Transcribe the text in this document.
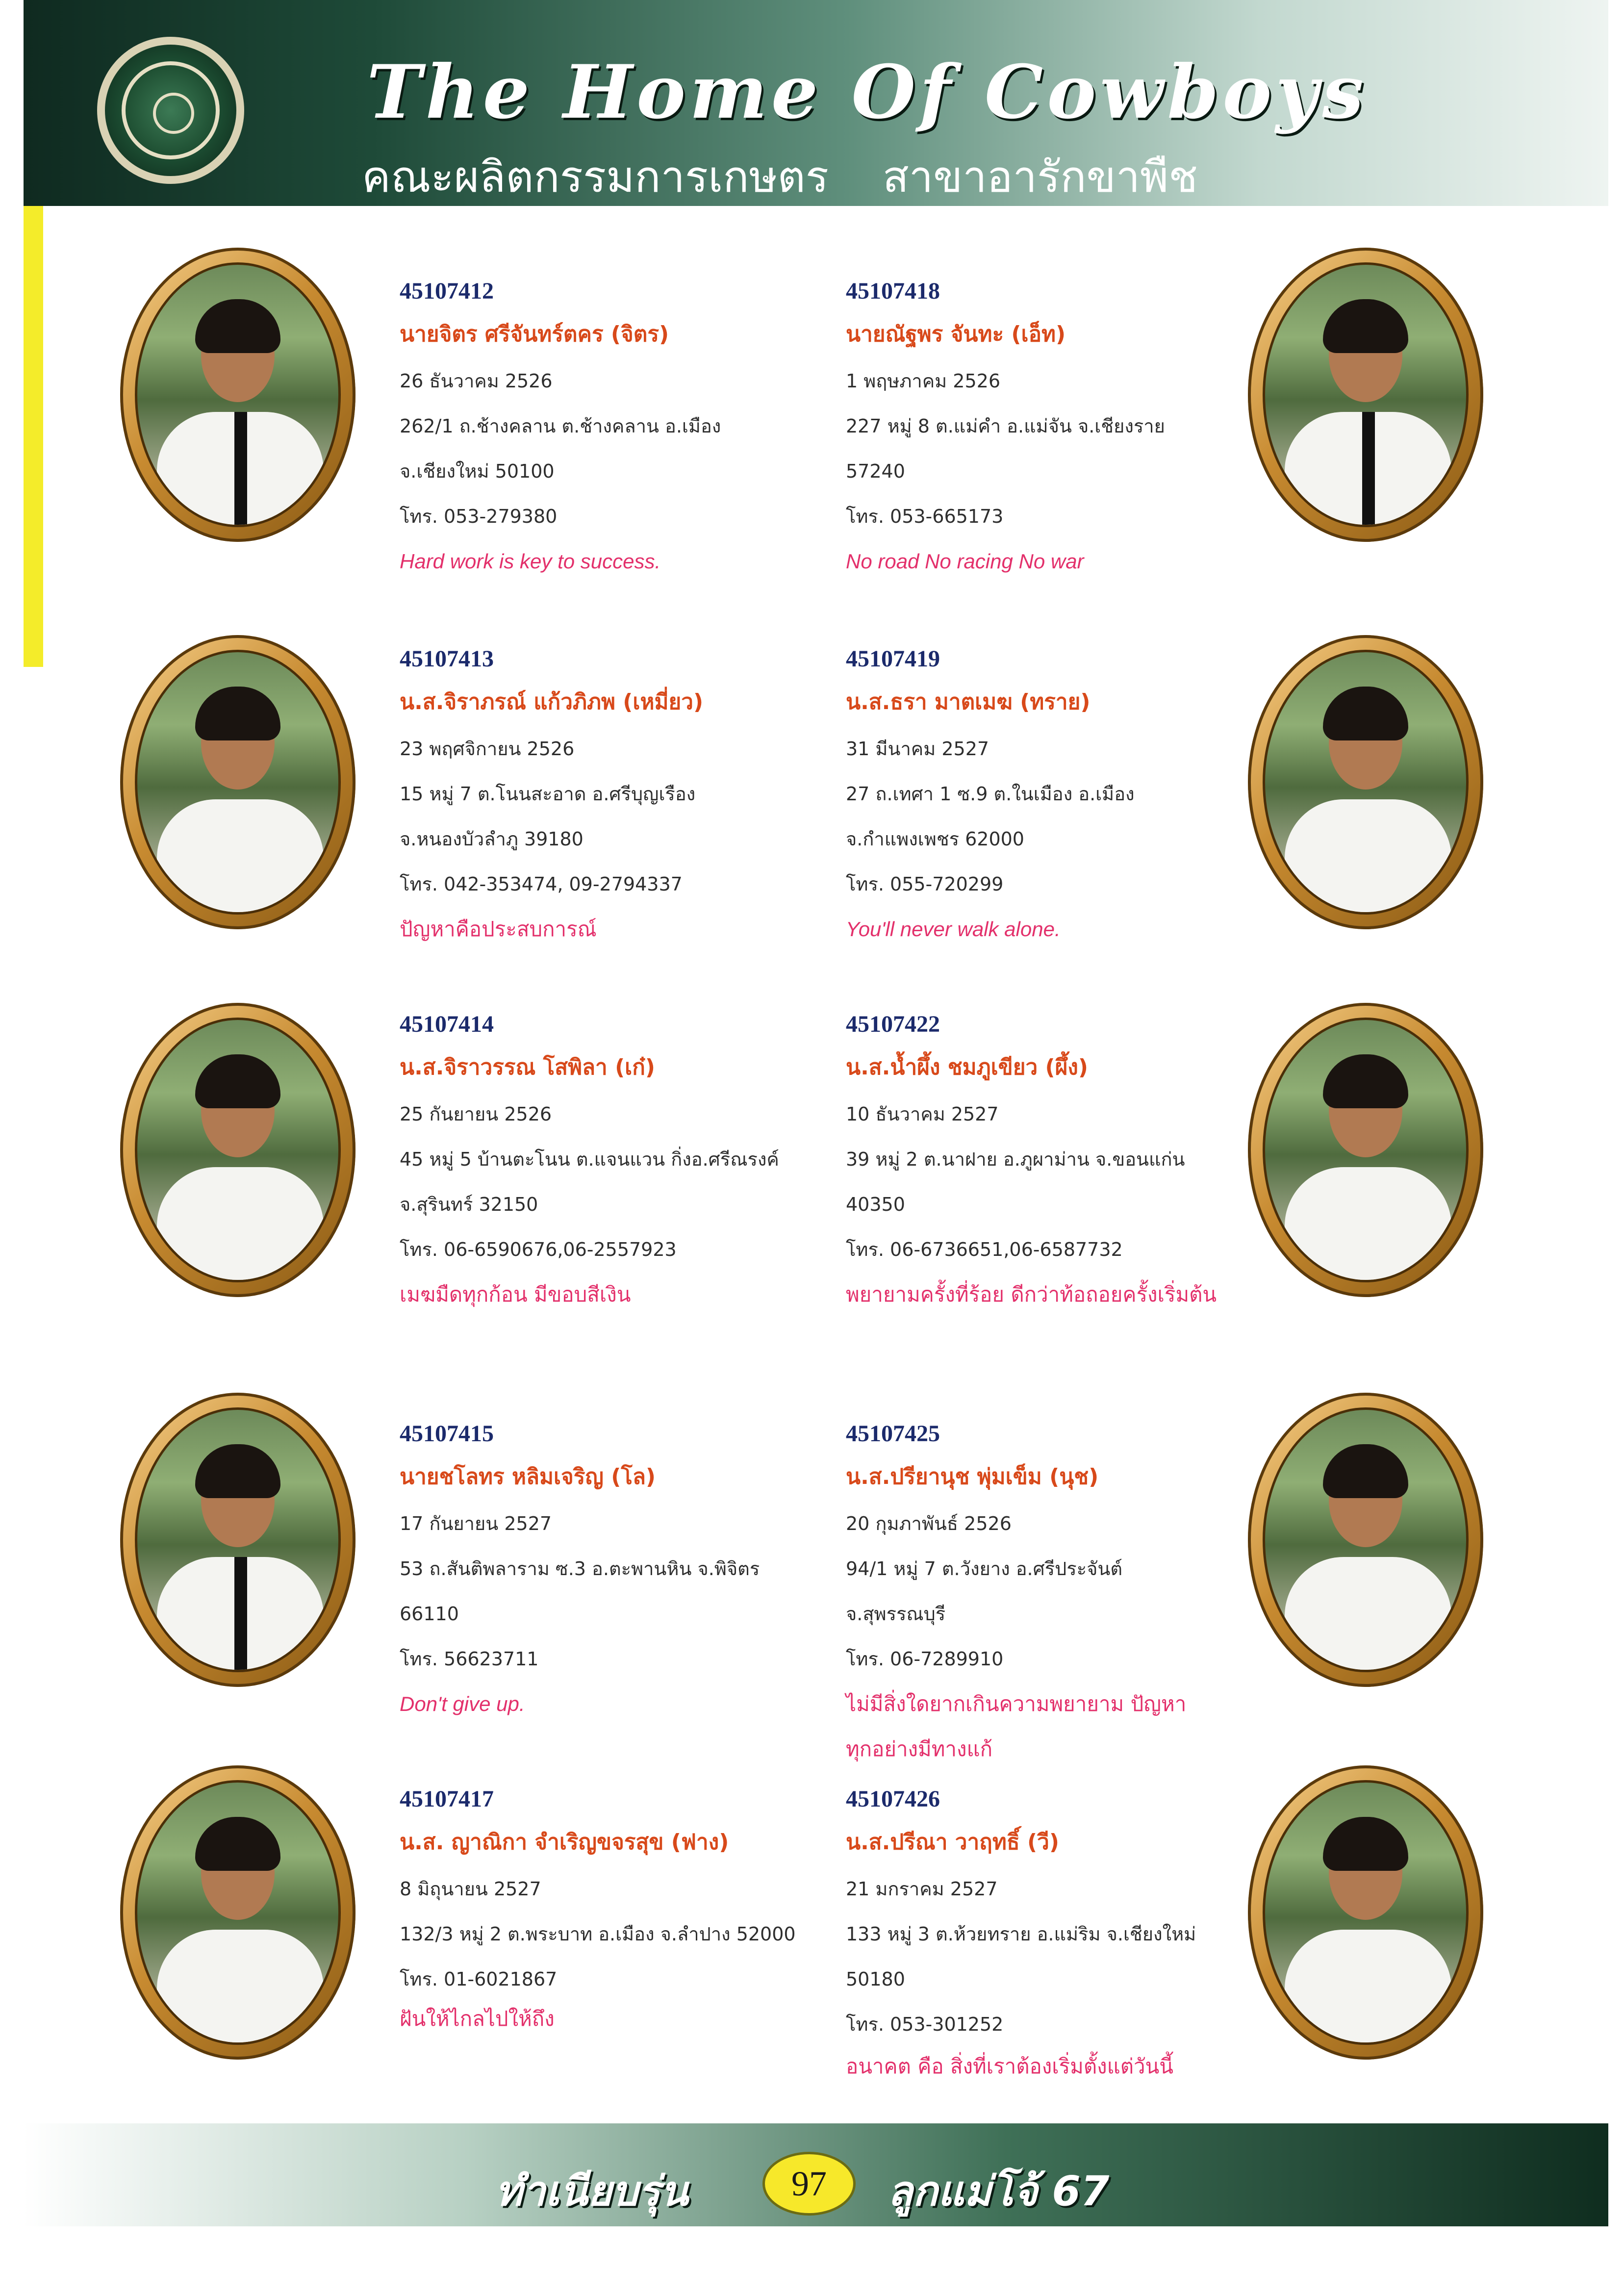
The Home Of Cowboys
คณะผลิตกรรมการเกษตร สาขาอารักขาพืช
45107412
นายจิตร ศรีจันทร์ตคร (จิตร)
26 ธันวาคม 2526
262/1 ถ.ช้างคลาน ต.ช้างคลาน อ.เมือง
จ.เชียงใหม่ 50100
โทร. 053-279380
Hard work is key to success.
45107418
นายณัฐพร จันทะ (เอ็ท)
1 พฤษภาคม 2526
227 หมู่ 8 ต.แม่คำ อ.แม่จัน จ.เชียงราย
57240
โทร. 053-665173
No road No racing No war
45107413
น.ส.จิราภรณ์ แก้วภิภพ (เหมี่ยว)
23 พฤศจิกายน 2526
15 หมู่ 7 ต.โนนสะอาด อ.ศรีบุญเรือง
จ.หนองบัวลำภู 39180
โทร. 042-353474, 09-2794337
ปัญหาคือประสบการณ์
45107419
น.ส.ธรา มาตเมฆ (ทราย)
31 มีนาคม 2527
27 ถ.เทศา 1 ซ.9 ต.ในเมือง อ.เมือง
จ.กำแพงเพชร 62000
โทร. 055-720299
You'll never walk alone.
45107414
น.ส.จิราวรรณ โสพิลา (เก๋)
25 กันยายน 2526
45 หมู่ 5 บ้านตะโนน ต.แจนแวน กิ่งอ.ศรีณรงค์
จ.สุรินทร์ 32150
โทร. 06-6590676,06-2557923
เมฆมืดทุกก้อน มีขอบสีเงิน
45107422
น.ส.น้ำผึ้ง ชมภูเขียว (ผึ้ง)
10 ธันวาคม 2527
39 หมู่ 2 ต.นาฝาย อ.ภูผาม่าน จ.ขอนแก่น
40350
โทร. 06-6736651,06-6587732
พยายามครั้งที่ร้อย ดีกว่าท้อถอยครั้งเริ่มต้น
45107415
นายชโลทร หลิมเจริญ (โล)
17 กันยายน 2527
53 ถ.สันติพลาราม ซ.3 อ.ตะพานหิน จ.พิจิตร
66110
โทร. 56623711
Don't give up.
45107425
น.ส.ปรียานุช พุ่มเข็ม (นุช)
20 กุมภาพันธ์ 2526
94/1 หมู่ 7 ต.วังยาง อ.ศรีประจันต์
จ.สุพรรณบุรี
โทร. 06-7289910
ไม่มีสิ่งใดยากเกินความพยายาม ปัญหา
ทุกอย่างมีทางแก้
45107417
น.ส. ญาณิกา จำเริญขจรสุข (ฟาง)
8 มิถุนายน 2527
132/3 หมู่ 2 ต.พระบาท อ.เมือง จ.ลำปาง 52000
โทร. 01-6021867
ฝันให้ไกลไปให้ถึง
45107426
น.ส.ปรีณา วาฤทธิ์ (วี)
21 มกราคม 2527
133 หมู่ 3 ต.ห้วยทราย อ.แม่ริม จ.เชียงใหม่
50180
โทร. 053-301252
อนาคต คือ สิ่งที่เราต้องเริ่มตั้งแต่วันนี้
ทำเนียบรุ่น	97	ลูกแม่โจ้ 67
